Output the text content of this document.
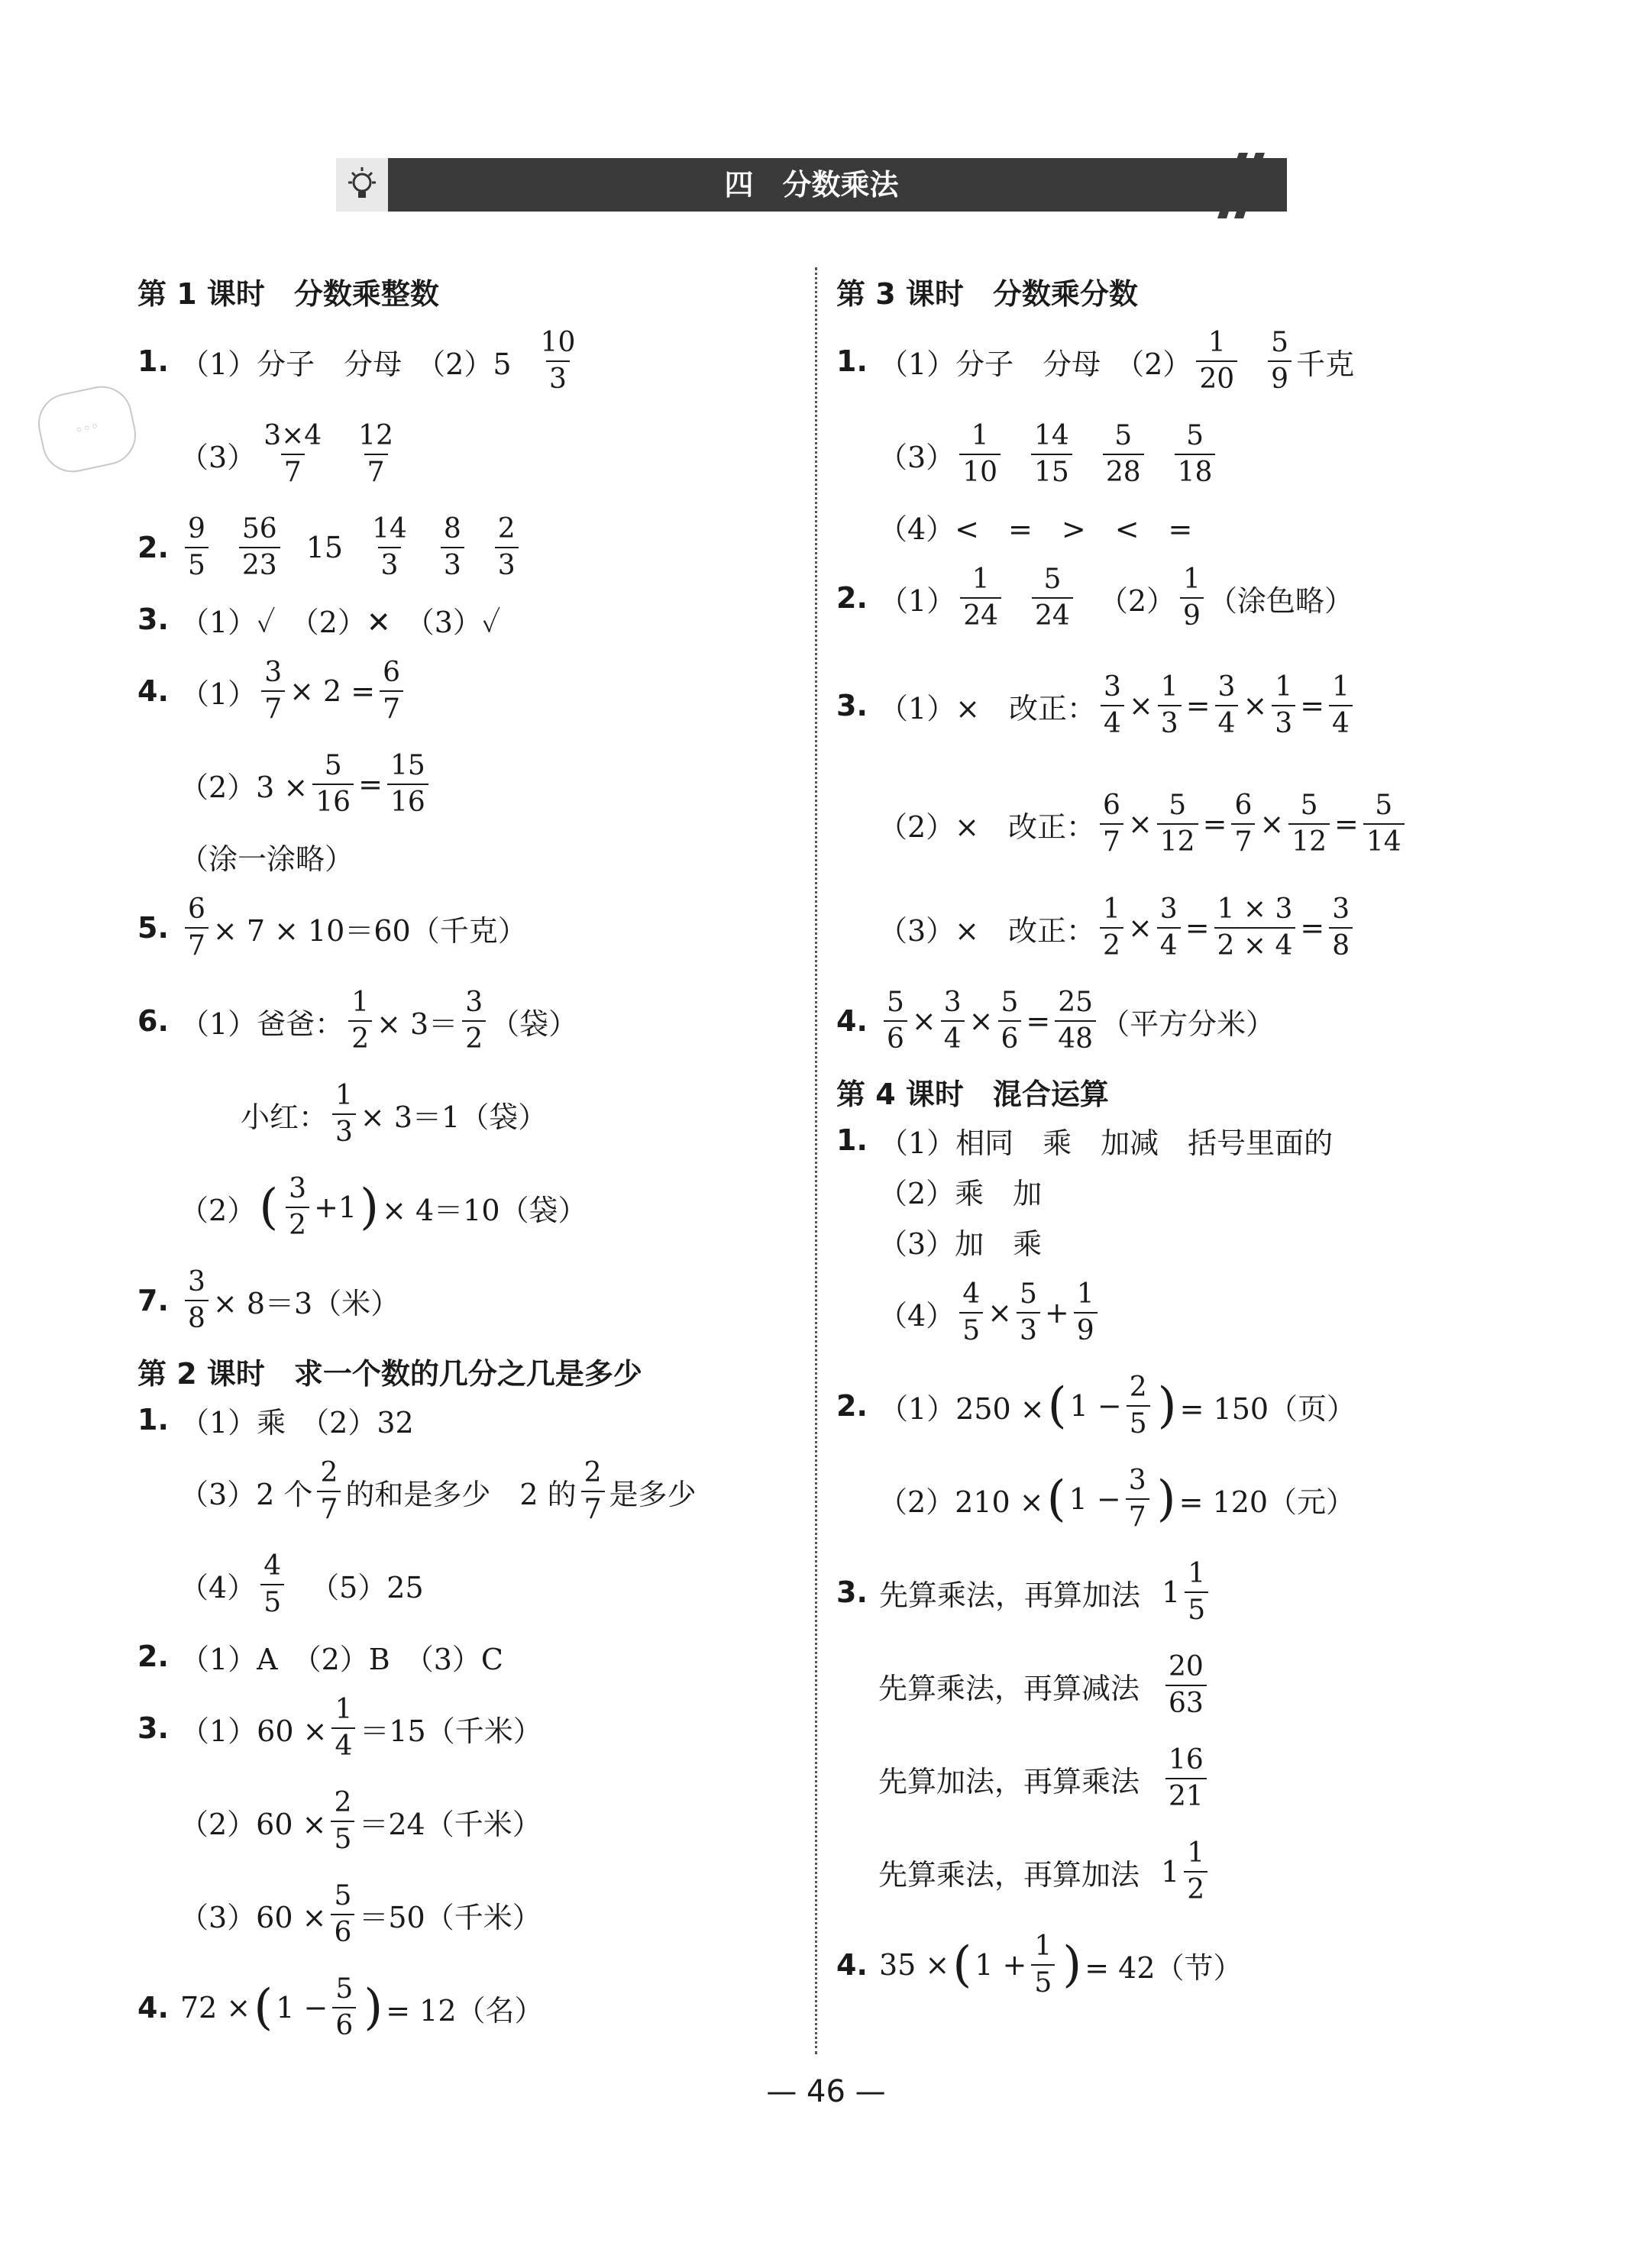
四　分数乘法
◦◦◦
第 1 课时　分数乘整数
1. （1）分子　分母　$(2)5 \frac{10}{3}$
$(3) \frac{3\times 4}{7} \frac{12}{7}$
2. $\frac{9}{5} \frac{56}{23} 15 \frac{14}{3} \frac{8}{3} \frac{2}{3}$
3. （1）✓　（2）✕　（3）✓
4. $(1) \frac{3}{7} \times 2 = \frac{6}{7}$
$(2)3 \times \frac{5}{16} = \frac{15}{16}$
（涂一涂略）
5. $\frac{6}{7} \times 7 \times 10=60$（千克）
6. （1）爸爸： $\frac{1}{2} \times 3= \frac{3}{2}$ （袋）
小红： $\frac{1}{3} \times 3=1$（袋）
（2） ( $\frac{3}{2} +1$ ) × 4＝10（袋）
7. $\frac{3}{8} \times 8=3$（米）
第 2 课时　求一个数的几分之几是多少
1. （1）乘　（2）32
（3）2 个 $\frac{2}{7}$ 的和是多少　2 的 $\frac{2}{7}$ 是多少
$(4) \frac{4}{5} (5)25$
2. （1）A　（2）B　（3）C
3. $(1)60 \times \frac{1}{4} =15$（千米）
$(2)60 \times \frac{2}{5} =24$（千米）
$(3)60 \times \frac{5}{6} =50$（千米）
4. 72 × ( $1 - \frac{5}{6}$ ) = 12（名）
第 3 课时　分数乘分数
1. （1）分子　分母　$(2) \frac{1}{20} \frac{5}{9}$ 千克
$(3) \frac{1}{10} \frac{14}{15} \frac{5}{28} \frac{5}{18}$
（4）<　=　>　<　=
2. $(1) \frac{1}{24} \frac{5}{24} (2) \frac{1}{9}$ （涂色略）
3. （1）×　改正： $\frac{3}{4} \times \frac{1}{3} = \frac{3}{4} \times \frac{1}{3} = \frac{1}{4}$
（2）×　改正： $\frac{6}{7} \times \frac{5}{12} = \frac{6}{7} \times \frac{5}{12} = \frac{5}{14}$
（3）×　改正： $\frac{1}{2} \times \frac{3}{4} = \frac{1 \times 3}{2 \times 4} = \frac{3}{8}$
4. $\frac{5}{6} \times \frac{3}{4} \times \frac{5}{6} = \frac{25}{48}$ （平方分米）
第 4 课时　混合运算
1. （1）相同　乘　加减　括号里面的
（2）乘　加
（3）加　乘
$(4) \frac{4}{5} \times \frac{5}{3} + \frac{1}{9}$
2. （1）250 × ( $1 - \frac{2}{5}$ ) = 150（页）
（2）210 × ( $1 - \frac{3}{7}$ ) = 120（元）
3. 先算乘法，再算加法 $1 \frac{1}{5}$
先算乘法，再算减法 $\frac{20}{63}$
先算加法，再算乘法 $\frac{16}{21}$
先算乘法，再算加法 $1 \frac{1}{2}$
4. 35 × ( $1 + \frac{1}{5}$ ) = 42（节）
— 46 —
